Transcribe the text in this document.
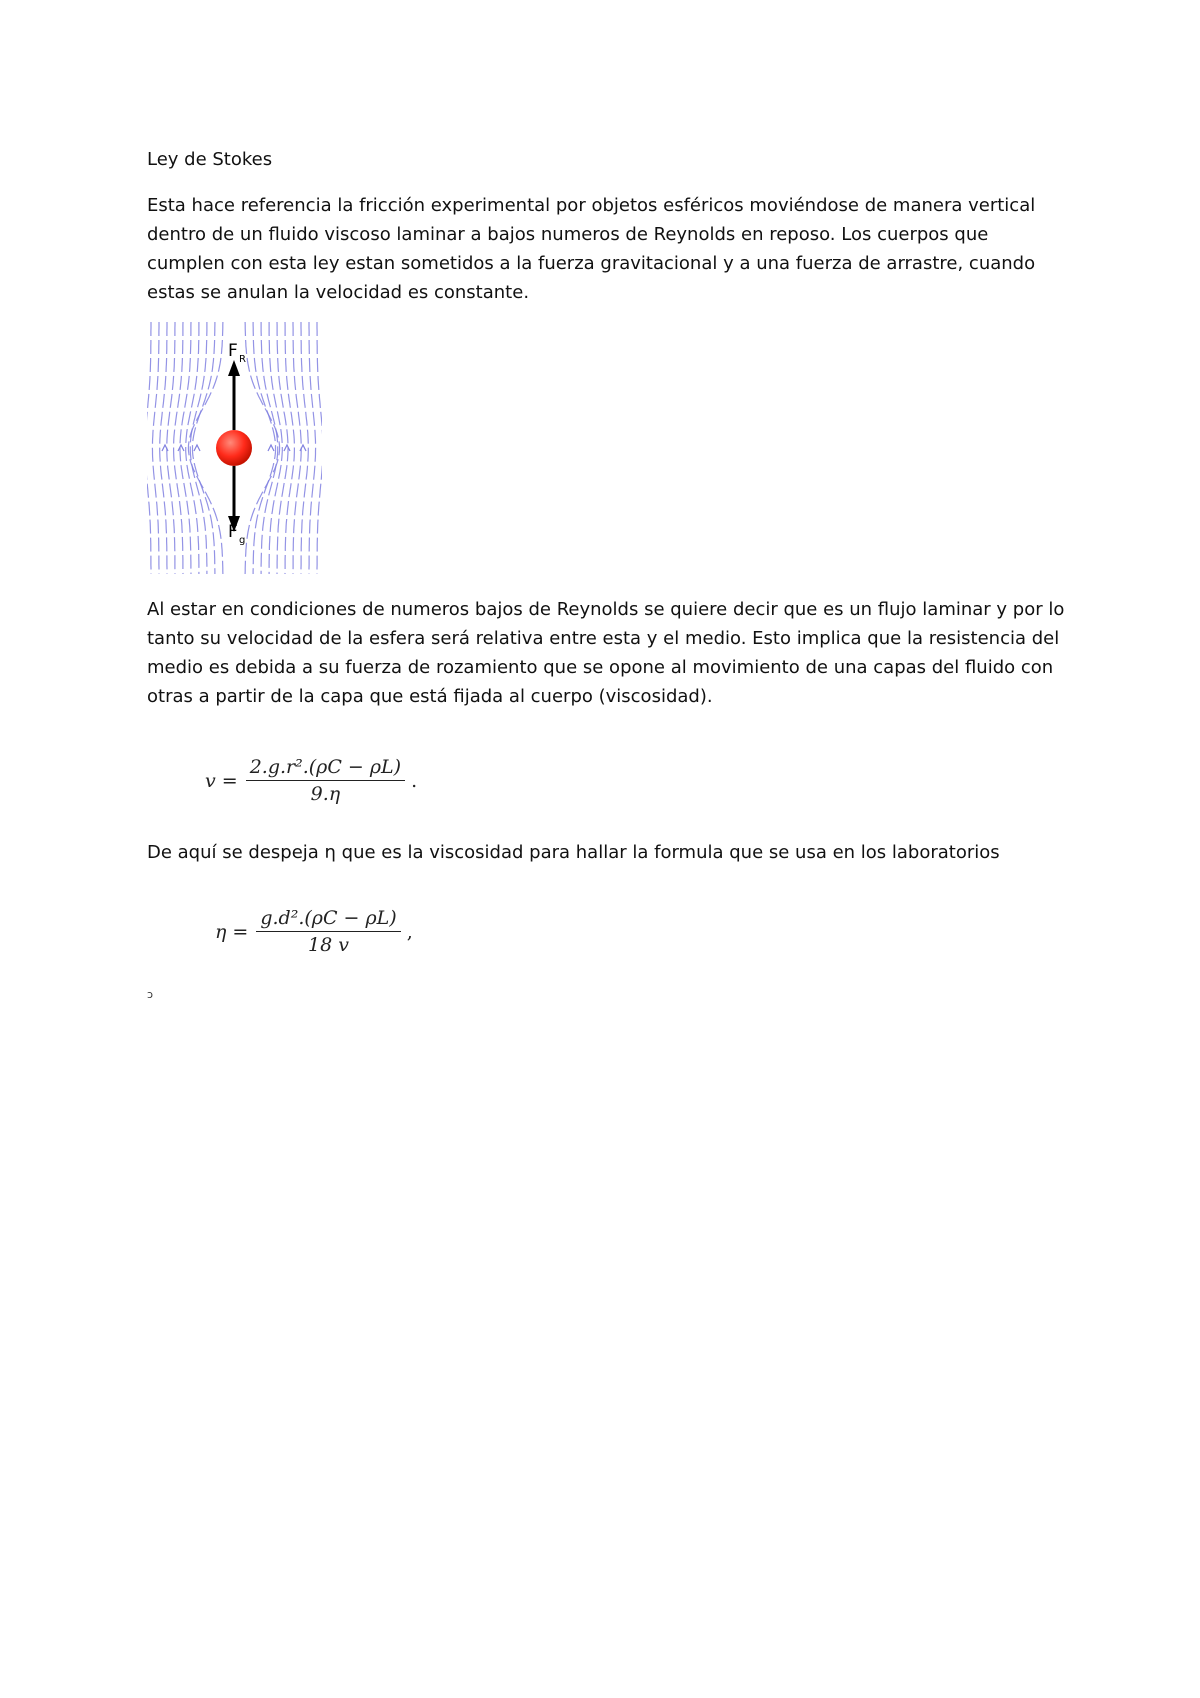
Ley de Stokes

Esta hace referencia la fricción experimental por objetos esféricos moviéndose de manera vertical dentro de un fluido viscoso laminar a bajos numeros de Reynolds en reposo. Los cuerpos que cumplen con esta ley estan sometidos a la fuerza gravitacional y a una fuerza de arrastre, cuando estas se anulan la velocidad es constante.

F R
F g

Al estar en condiciones de numeros bajos de Reynolds se quiere decir que es un flujo laminar y por lo tanto su velocidad de la esfera será relativa entre esta y el medio. Esto implica que la resistencia del medio es debida a su fuerza de rozamiento que se opone al movimiento de una capas del fluido con otras a partir de la capa que está fijada al cuerpo (viscosidad).

$v = \frac{\text{2.g.r².(ρC − ρL)}}{9.\eta}$ .

De aquí se despeja η que es la viscosidad para hallar la formula que se usa en los laboratorios

$\eta = \frac{\text{g.d².(ρC − ρL)}}{18 v}$ ,
ↄ
